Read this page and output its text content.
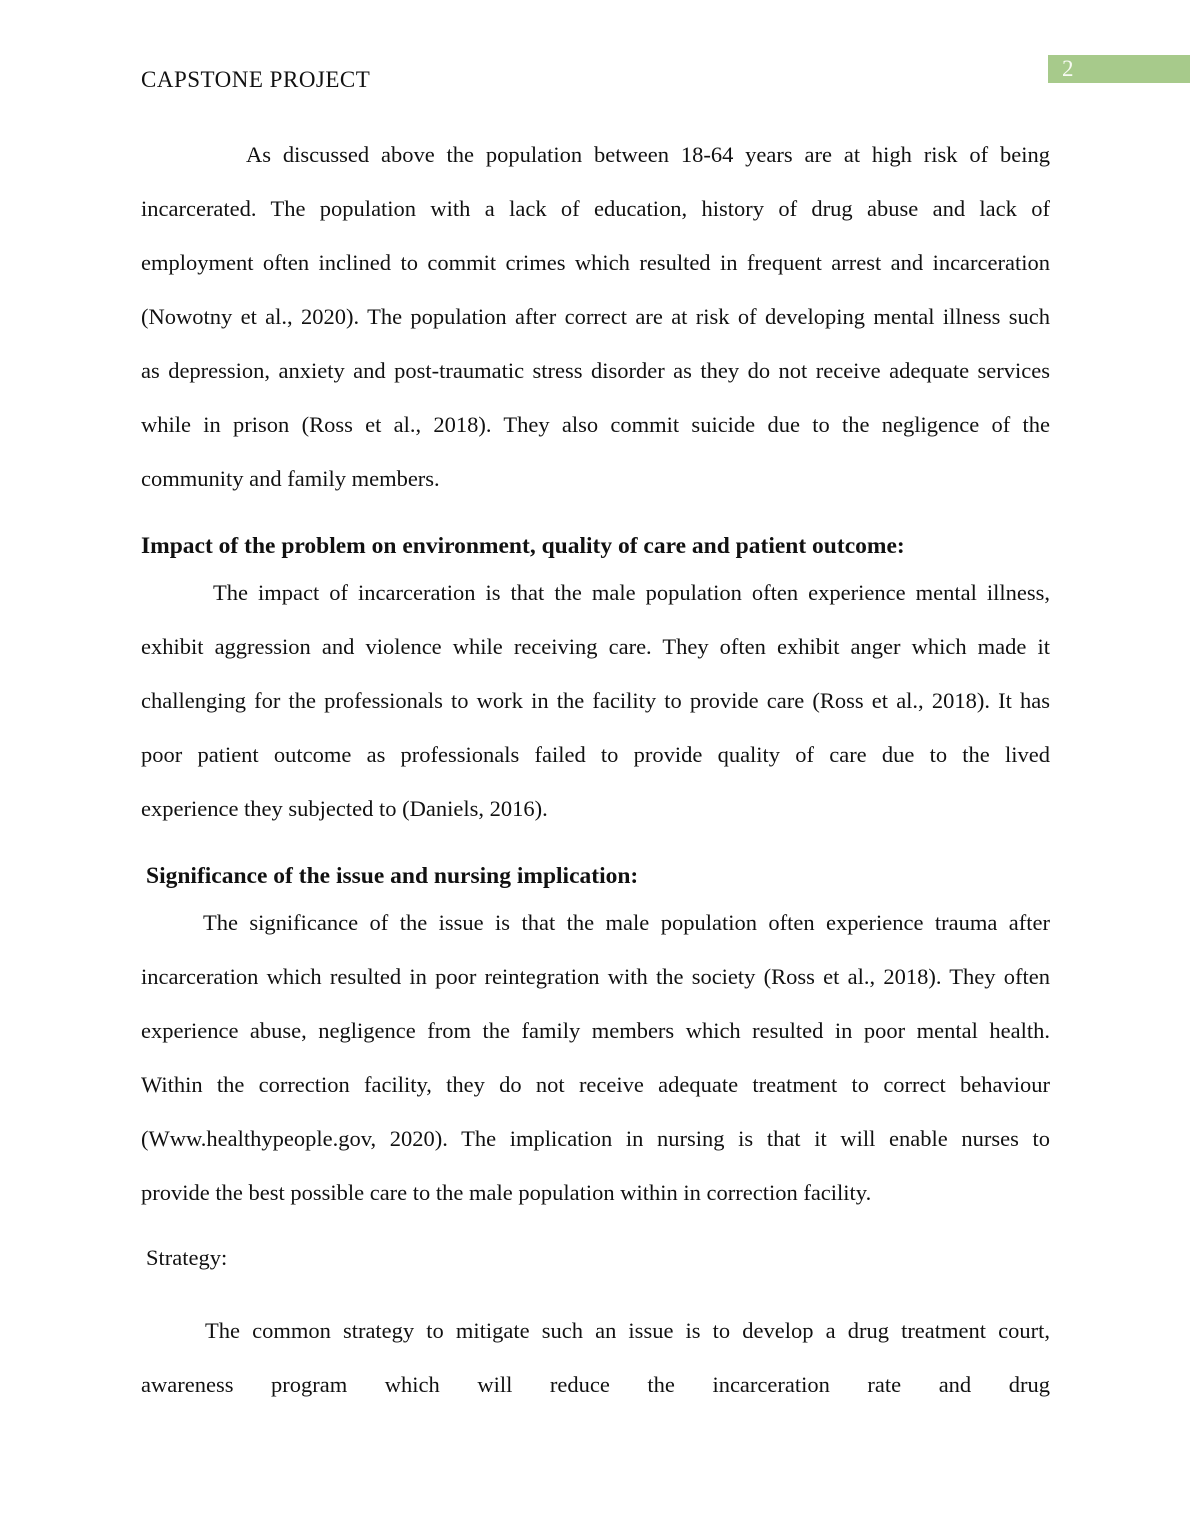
CAPSTONE PROJECT	2
As discussed above the population between 18-64 years are at high risk of being
incarcerated. The population with a lack of education, history of drug abuse and lack of
employment often inclined to commit crimes which resulted in frequent arrest and incarceration
(Nowotny et al., 2020). The population after correct are at risk of developing mental illness such
as depression, anxiety and post-traumatic stress disorder as they do not receive adequate services
while in prison (Ross et al., 2018). They also commit suicide due to the negligence of the
community and family members.
Impact of the problem on environment, quality of care and patient outcome:
The impact of incarceration is that the male population often experience mental illness,
exhibit aggression and violence while receiving care. They often exhibit anger which made it
challenging for the professionals to work in the facility to provide care (Ross et al., 2018). It has
poor patient outcome as professionals failed to provide quality of care due to the lived
experience they subjected to (Daniels, 2016).
Significance of the issue and nursing implication:
The significance of the issue is that the male population often experience trauma after
incarceration which resulted in poor reintegration with the society (Ross et al., 2018). They often
experience abuse, negligence from the family members which resulted in poor mental health.
Within the correction facility, they do not receive adequate treatment to correct behaviour
(Www.healthypeople.gov, 2020). The implication in nursing is that it will enable nurses to
provide the best possible care to the male population within in correction facility.
Strategy:
The common strategy to mitigate such an issue is to develop a drug treatment court,
awareness program which will reduce the incarceration rate and drug
